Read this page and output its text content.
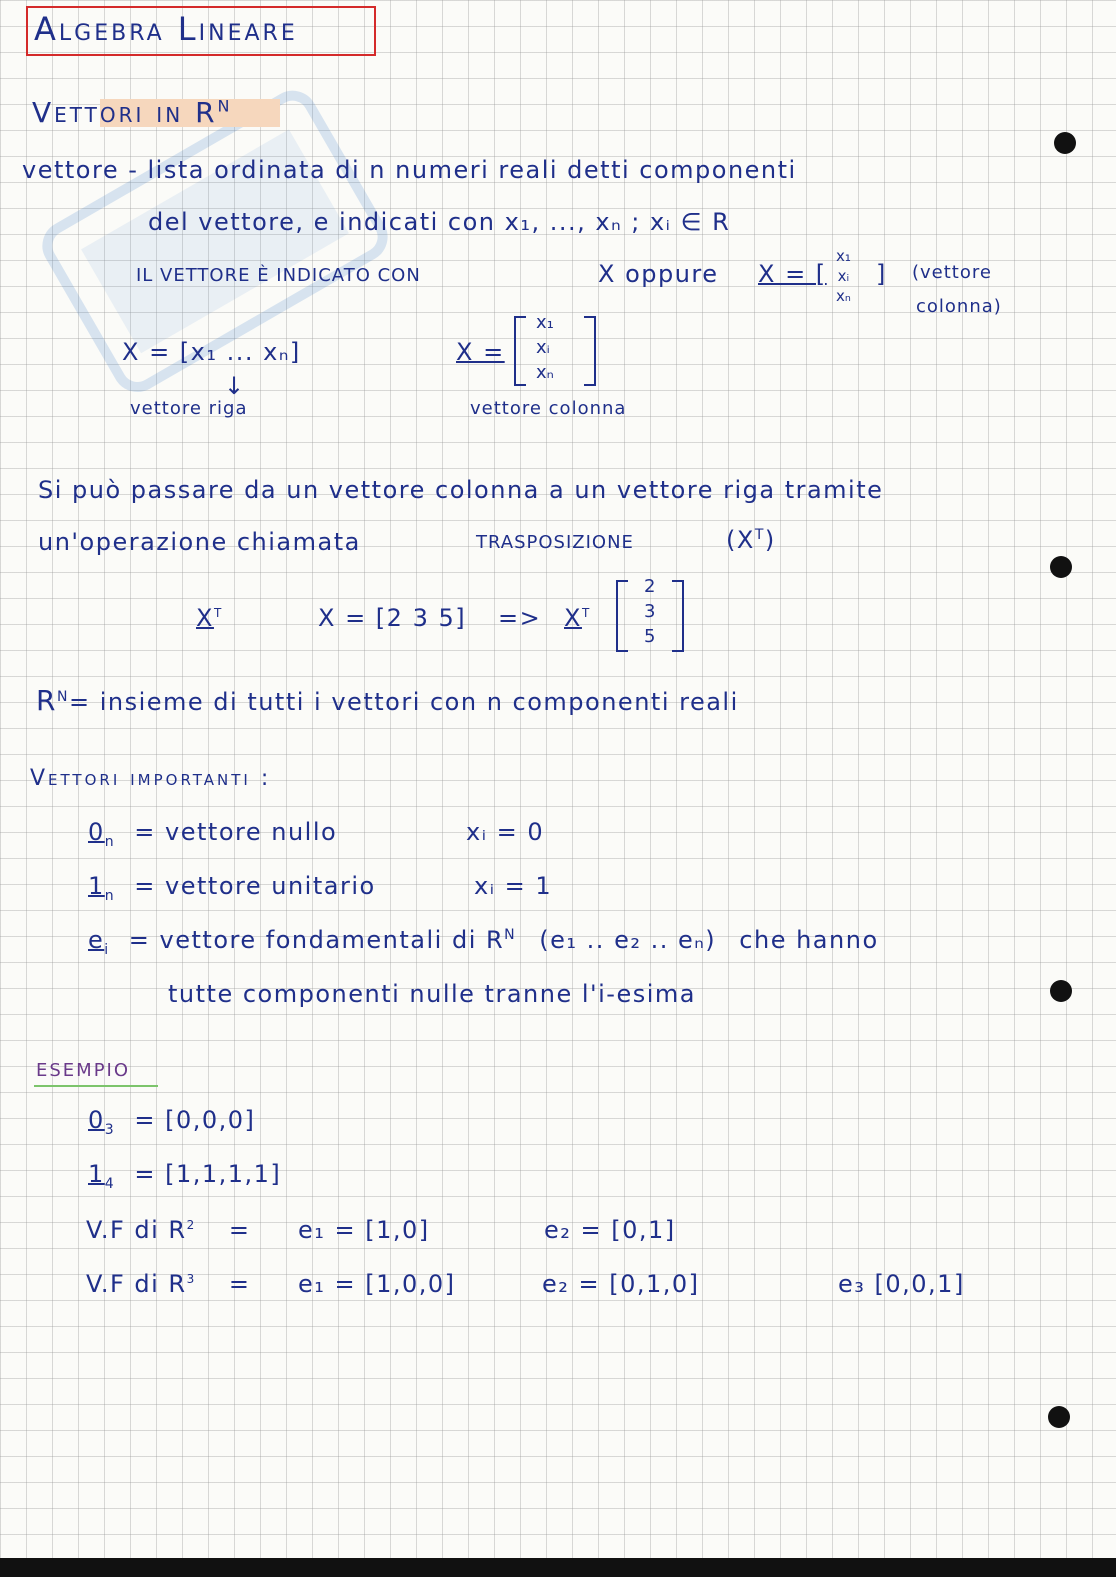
Algebra Lineare
Vettori in $R^N$
vettore - lista ordinata di n numeri reali detti componenti
del vettore, e indicati con x₁, ..., xₙ ; xᵢ ∈ R
IL VETTORE È INDICATO CON	X oppure X = [
x₁
xᵢ
xₙ
] (vettore
colonna)
X = [x₁ ... xₙ]
↓
vettore riga
X =
x₁
xᵢ
xₙ
vettore colonna
Si può passare da un vettore colonna a un vettore riga tramite
un'operazione chiamata	TRASPOSIZIONE	$(X^T)$
$X^T$	X = [2 3 $5] => X^T$
2
3
5
$R^N=$ insieme di tutti i vettori con n componenti reali
Vettori importanti :
$0_n$ = vettore nullo	xᵢ = 0
$1_n$ = vettore unitario	xᵢ = 1
$e_i$ = vettore fondamentali di $R^N$ (e₁ .. e₂ .. eₙ) che hanno
tutte componenti nulle tranne l'i-esima
ESEMPIO
$0_3 = [0,0,0]$
$1_4 = [1,1,1,1]$
V.F di $R^2 = e_1 = [1,0]$	e₂ = [0,1]
V.F di $R^3 = e_1 = [1,0,0]$	e₂ = [0,1,0]	e₃ [0,0,1]
